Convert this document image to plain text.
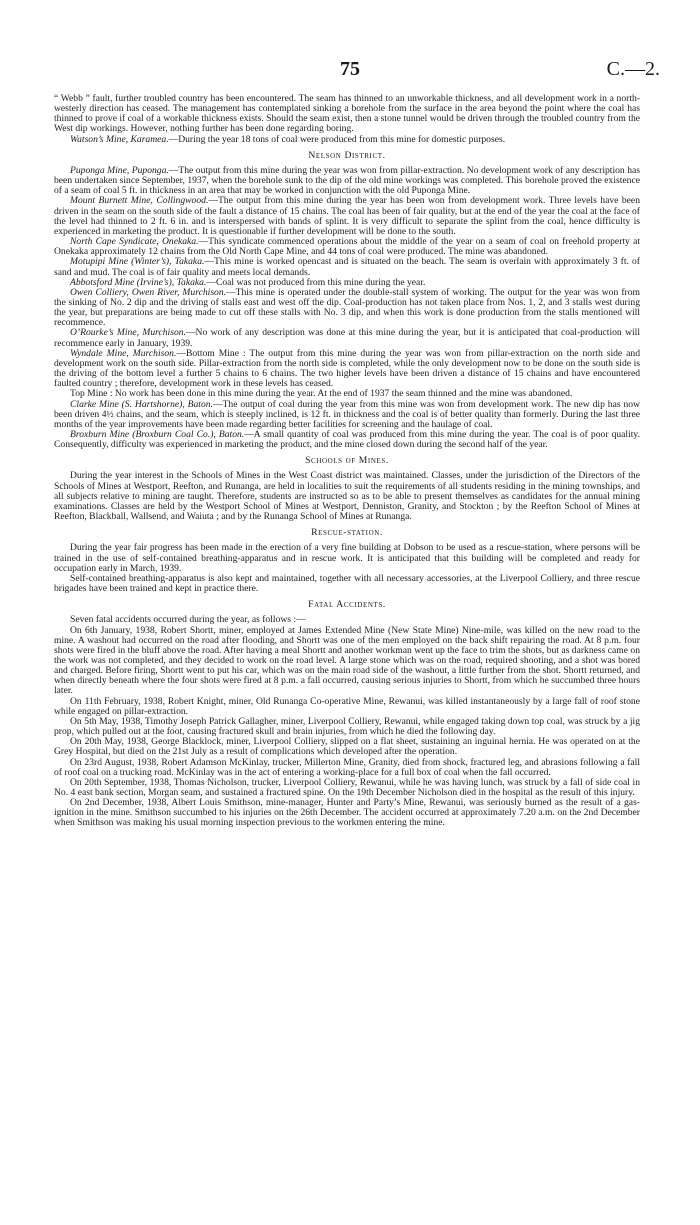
75	C.—2.

“ Webb ” fault, further troubled country has been encountered. The seam has thinned to an unworkable thickness, and all development work in a north-westerly direction has ceased. The management has contemplated sinking a borehole from the surface in the area beyond the point where the coal has thinned to prove if coal of a workable thickness exists. Should the seam exist, then a stone tunnel would be driven through the troubled country from the West dip workings. However, nothing further has been done regarding boring.

Watson’s Mine, Karamea.—During the year 18 tons of coal were produced from this mine for domestic purposes.

Nelson District.

Puponga Mine, Puponga.—The output from this mine during the year was won from pillar-extraction. No development work of any description has been undertaken since September, 1937, when the borehole sunk to the dip of the old mine workings was completed. This borehole proved the existence of a seam of coal 5 ft. in thickness in an area that may be worked in conjunction with the old Puponga Mine.

Mount Burnett Mine, Collingwood.—The output from this mine during the year has been won from development work. Three levels have been driven in the seam on the south side of the fault a distance of 15 chains. The coal has been of fair quality, but at the end of the year the coal at the face of the level had thinned to 2 ft. 6 in. and is interspersed with bands of splint. It is very difficult to separate the splint from the coal, hence difficulty is experienced in marketing the product. It is questionable if further development will be done to the south.

North Cape Syndicate, Onekaka.—This syndicate commenced operations about the middle of the year on a seam of coal on freehold property at Onekaka approximately 12 chains from the Old North Cape Mine, and 44 tons of coal were produced. The mine was abandoned.

Motupipi Mine (Winter’s), Takaka.—This mine is worked opencast and is situated on the beach. The seam is overlain with approximately 3 ft. of sand and mud. The coal is of fair quality and meets local demands.

Abbotsford Mine (Irvine’s), Takaka.—Coal was not produced from this mine during the year.

Owen Colliery, Owen River, Murchison.—This mine is operated under the double-stall system of working. The output for the year was won from the sinking of No. 2 dip and the driving of stalls east and west off the dip. Coal-production has not taken place from Nos. 1, 2, and 3 stalls west during the year, but preparations are being made to cut off these stalls with No. 3 dip, and when this work is done production from the stalls mentioned will recommence.

O’Rourke’s Mine, Murchison.—No work of any description was done at this mine during the year, but it is anticipated that coal-production will recommence early in January, 1939.

Wyndale Mine, Murchison.—Bottom Mine : The output from this mine during the year was won from pillar-extraction on the north side and development work on the south side. Pillar-extraction from the north side is completed, while the only development now to be done on the south side is the driving of the bottom level a further 5 chains to 6 chains. The two higher levels have been driven a distance of 15 chains and have encountered faulted country ; therefore, development work in these levels has ceased.

Top Mine : No work has been done in this mine during the year. At the end of 1937 the seam thinned and the mine was abandoned.

Clarke Mine (S. Hartshorne), Baton.—The output of coal during the year from this mine was won from development work. The new dip has now been driven 4½ chains, and the seam, which is steeply inclined, is 12 ft. in thickness and the coal is of better quality than formerly. During the last three months of the year improvements have been made regarding better facilities for screening and the haulage of coal.

Broxburn Mine (Broxburn Coal Co.), Baton.—A small quantity of coal was produced from this mine during the year. The coal is of poor quality. Consequently, difficulty was experienced in marketing the product, and the mine closed down during the second half of the year.

Schools of Mines.

During the year interest in the Schools of Mines in the West Coast district was maintained. Classes, under the jurisdiction of the Directors of the Schools of Mines at Westport, Reefton, and Runanga, are held in localities to suit the requirements of all students residing in the mining townships, and all subjects relative to mining are taught. Therefore, students are instructed so as to be able to present themselves as candidates for the annual mining examinations. Classes are held by the Westport School of Mines at Westport, Denniston, Granity, and Stockton ; by the Reefton School of Mines at Reefton, Blackball, Wallsend, and Waiuta ; and by the Runanga School of Mines at Runanga.

Rescue-station.

During the year fair progress has been made in the erection of a very fine building at Dobson to be used as a rescue-station, where persons will be trained in the use of self-contained breathing-apparatus and in rescue work. It is anticipated that this building will be completed and ready for occupation early in March, 1939.

Self-contained breathing-apparatus is also kept and maintained, together with all necessary accessories, at the Liverpool Colliery, and three rescue brigades have been trained and kept in practice there.

Fatal Accidents.

Seven fatal accidents occurred during the year, as follows :—

On 6th January, 1938, Robert Shortt, miner, employed at James Extended Mine (New State Mine) Nine-mile, was killed on the new road to the mine. A washout had occurred on the road after flooding, and Shortt was one of the men employed on the back shift repairing the road. At 8 p.m. four shots were fired in the bluff above the road. After having a meal Shortt and another workman went up the face to trim the shots, but as darkness came on the work was not completed, and they decided to work on the road level. A large stone which was on the road, required shooting, and a shot was bored and charged. Before firing, Shortt went to put his car, which was on the main road side of the washout, a little further from the shot. Shortt returned, and when directly beneath where the four shots were fired at 8 p.m. a fall occurred, causing serious injuries to Shortt, from which he succumbed three hours later.

On 11th February, 1938, Robert Knight, miner, Old Runanga Co-operative Mine, Rewanui, was killed instantaneously by a large fall of roof stone while engaged on pillar-extraction.

On 5th May, 1938, Timothy Joseph Patrick Gallagher, miner, Liverpool Colliery, Rewanui, while engaged taking down top coal, was struck by a jig prop, which pulled out at the foot, causing fractured skull and brain injuries, from which he died the following day.

On 20th May, 1938, George Blacklock, miner, Liverpool Colliery, slipped on a flat sheet, sustaining an inguinal hernia. He was operated on at the Grey Hospital, but died on the 21st July as a result of complications which developed after the operation.

On 23rd August, 1938, Robert Adamson McKinlay, trucker, Millerton Mine, Granity, died from shock, fractured leg, and abrasions following a fall of roof coal on a trucking road. McKinlay was in the act of entering a working-place for a full box of coal when the fall occurred.

On 20th September, 1938, Thomas Nicholson, trucker, Liverpool Colliery, Rewanui, while he was having lunch, was struck by a fall of side coal in No. 4 east bank section, Morgan seam, and sustained a fractured spine. On the 19th December Nicholson died in the hospital as the result of this injury.

On 2nd December, 1938, Albert Louis Smithson, mine-manager, Hunter and Party’s Mine, Rewanui, was seriously burned as the result of a gas-ignition in the mine. Smithson succumbed to his injuries on the 26th December. The accident occurred at approximately 7.20 a.m. on the 2nd December when Smithson was making his usual morning inspection previous to the workmen entering the mine.
